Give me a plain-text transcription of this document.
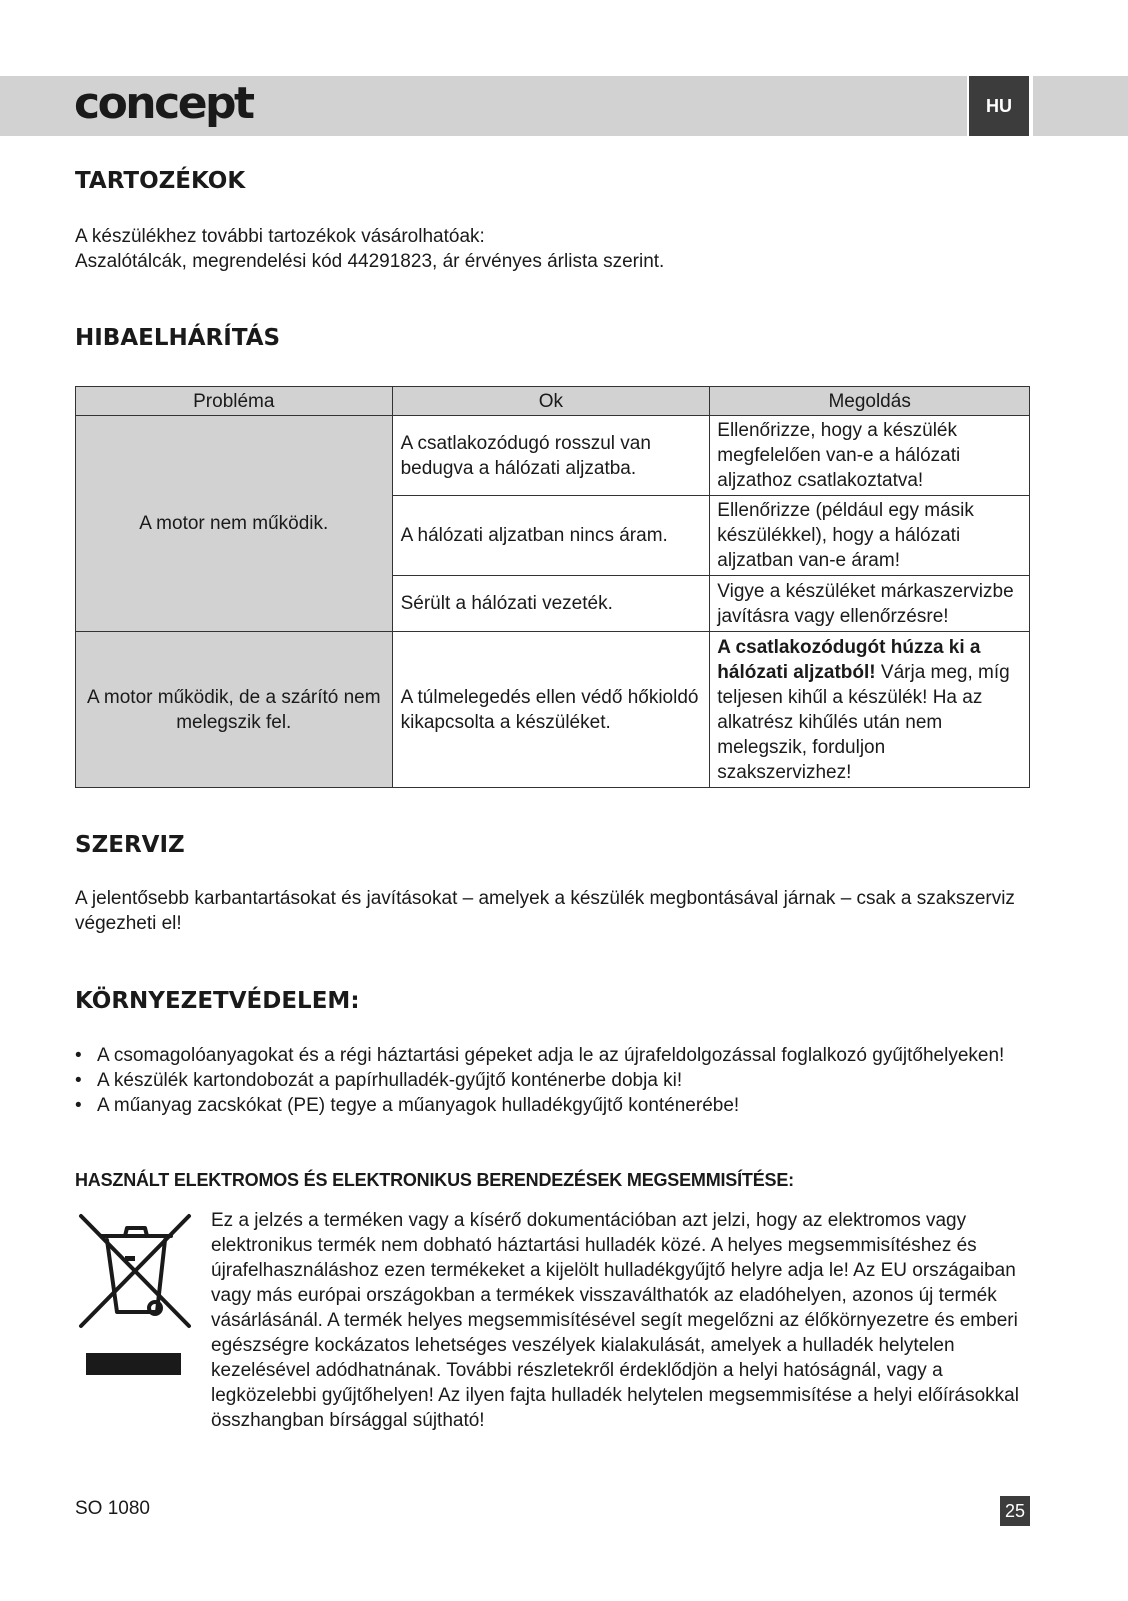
concept	HU
TARTOZÉKOK

A készülékhez további tartozékok vásárolhatóak:
Aszalótálcák, megrendelési kód 44291823, ár érvényes árlista szerint.

HIBAELHÁRÍTÁS
Probléma	Ok	Megoldás
A motor nem működik.	A csatlakozódugó rosszul van bedugva a hálózati aljzatba.	Ellenőrizze, hogy a készülék megfelelően van-e a hálózati aljzathoz csatlakoztatva!
	A hálózati aljzatban nincs áram.	Ellenőrizze (például egy másik készülékkel), hogy a hálózati aljzatban van-e áram!
	Sérült a hálózati vezeték.	Vigye a készüléket márkaszervizbe javításra vagy ellenőrzésre!
A motor működik, de a szárító nem melegszik fel.	A túlmelegedés ellen védő hőkioldó kikapcsolta a készüléket.	A csatlakozódugót húzza ki a hálózati aljzatból! Várja meg, míg teljesen kihűl a készülék! Ha az alkatrész kihűlés után nem melegszik, forduljon szakszervizhez!
SZERVIZ

A jelentősebb karbantartásokat és javításokat – amelyek a készülék megbontásával járnak – csak a szakszerviz végezheti el!

KÖRNYEZETVÉDELEM:
• A csomagolóanyagokat és a régi háztartási gépeket adja le az újrafeldolgozással foglalkozó gyűjtőhelyeken!
• A készülék kartondobozát a papírhulladék-gyűjtő konténerbe dobja ki!
• A műanyag zacskókat (PE) tegye a műanyagok hulladékgyűjtő konténerébe!
HASZNÁLT ELEKTROMOS ÉS ELEKTRONIKUS BERENDEZÉSEK MEGSEMMISÍTÉSE:

Ez a jelzés a terméken vagy a kísérő dokumentációban azt jelzi, hogy az elektromos vagy elektronikus termék nem dobható háztartási hulladék közé. A helyes megsemmisítéshez és újrafelhasználáshoz ezen termékeket a kijelölt hulladékgyűjtő helyre adja le! Az EU országaiban vagy más európai országokban a termékek visszaválthatók az eladóhelyen, azonos új termék vásárlásánál. A termék helyes megsemmisítésével segít megelőzni az élőkörnyezetre és emberi egészségre kockázatos lehetséges veszélyek kialakulását, amelyek a hulladék helytelen kezelésével adódhatnának. További részletekről érdeklődjön a helyi hatóságnál, vagy a legközelebbi gyűjtőhelyen! Az ilyen fajta hulladék helytelen megsemmisítése a helyi előírásokkal összhangban bírsággal sújtható!

SO 1080	25
